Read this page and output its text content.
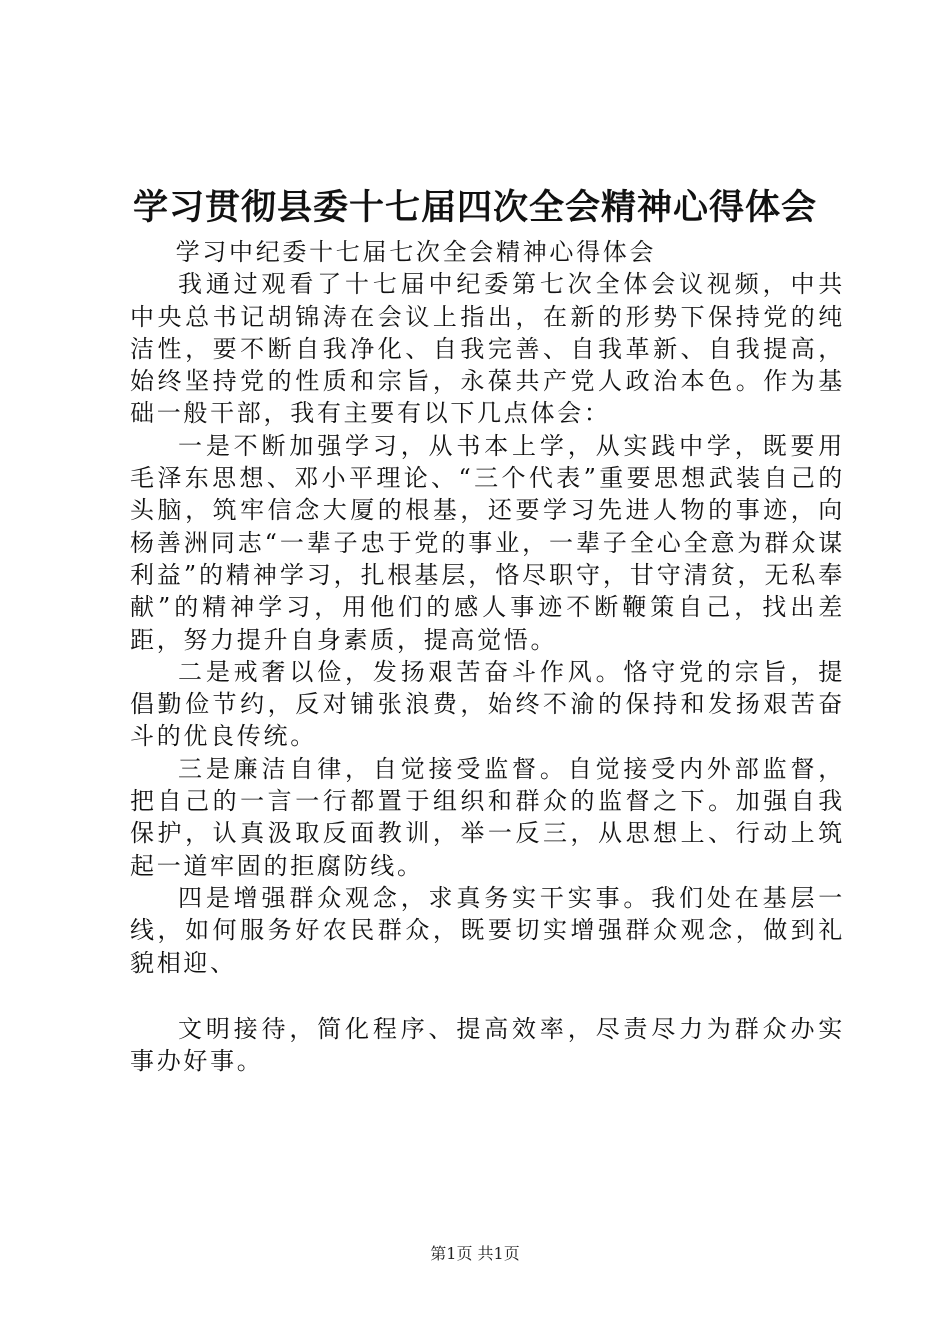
学习贯彻县委十七届四次全会精神心得体会

学习中纪委十七届七次全会精神心得体会

我通过观看了十七届中纪委第七次全体会议视频，中共中央总书记胡锦涛在会议上指出，在新的形势下保持党的纯洁性，要不断自我净化、自我完善、自我革新、自我提高，始终坚持党的性质和宗旨，永葆共产党人政治本色。作为基础一般干部，我有主要有以下几点体会：

一是不断加强学习，从书本上学，从实践中学，既要用毛泽东思想、邓小平理论、“三个代表”重要思想武装自己的头脑，筑牢信念大厦的根基，还要学习先进人物的事迹，向杨善洲同志“一辈子忠于党的事业，一辈子全心全意为群众谋利益”的精神学习，扎根基层，恪尽职守，甘守清贫，无私奉献”的精神学习，用他们的感人事迹不断鞭策自己，找出差距，努力提升自身素质，提高觉悟。

二是戒奢以俭，发扬艰苦奋斗作风。恪守党的宗旨，提倡勤俭节约，反对铺张浪费，始终不渝的保持和发扬艰苦奋斗的优良传统。

三是廉洁自律，自觉接受监督。自觉接受内外部监督，把自己的一言一行都置于组织和群众的监督之下。加强自我保护，认真汲取反面教训，举一反三，从思想上、行动上筑起一道牢固的拒腐防线。

四是增强群众观念，求真务实干实事。我们处在基层一线，如何服务好农民群众，既要切实增强群众观念，做到礼貌相迎、

文明接待，简化程序、提高效率，尽责尽力为群众办实事办好事。

第1页 共1页
